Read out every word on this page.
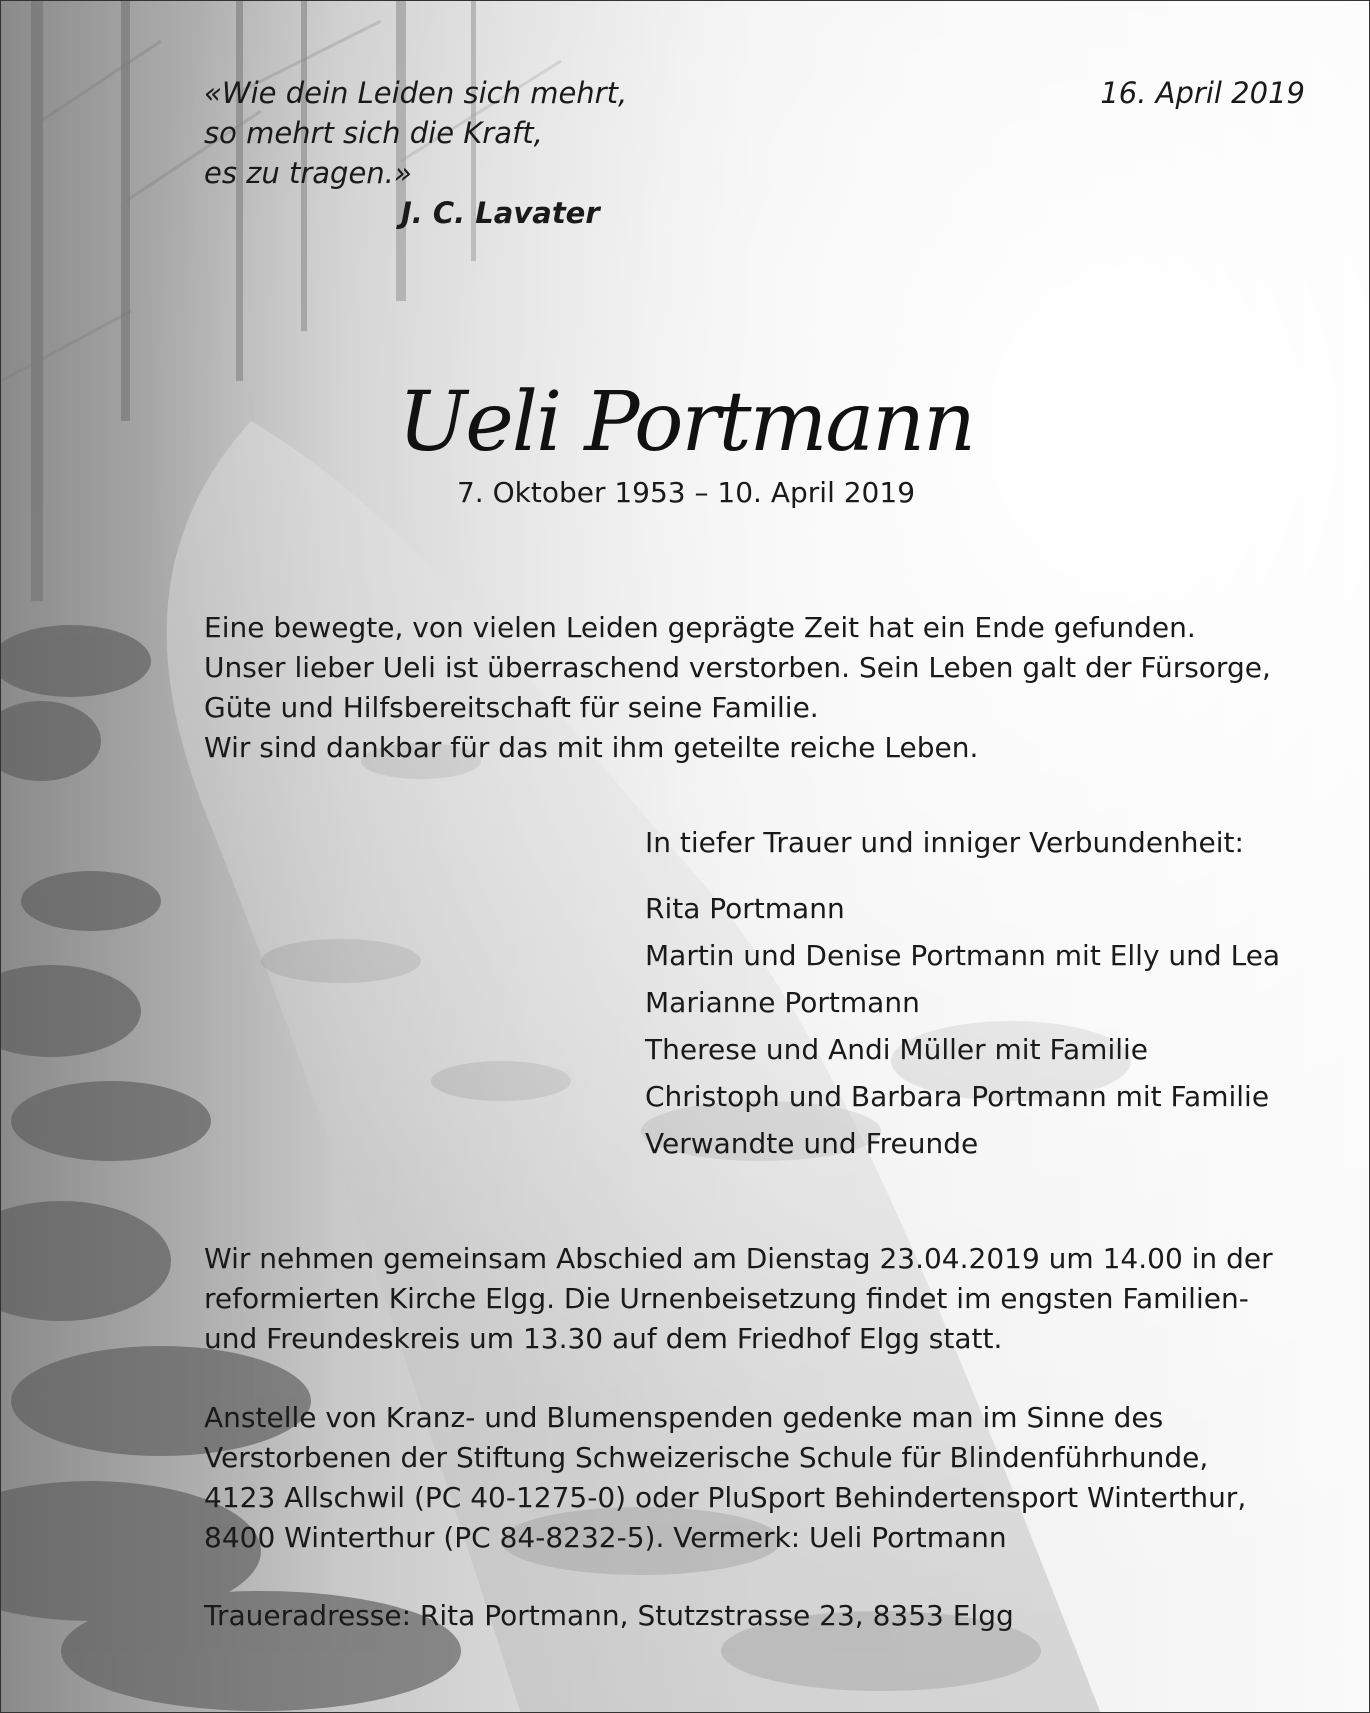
«Wie dein Leiden sich mehrt,
so mehrt sich die Kraft,
es zu tragen.»
J. C. Lavater
16. April 2019
Ueli Portmann
7. Oktober 1953 – 10. April 2019
Eine bewegte, von vielen Leiden geprägte Zeit hat ein Ende gefunden.
Unser lieber Ueli ist überraschend verstorben. Sein Leben galt der Fürsorge,
Güte und Hilfsbereitschaft für seine Familie.
Wir sind dankbar für das mit ihm geteilte reiche Leben.
In tiefer Trauer und inniger Verbundenheit:
Rita Portmann
Martin und Denise Portmann mit Elly und Lea
Marianne Portmann
Therese und Andi Müller mit Familie
Christoph und Barbara Portmann mit Familie
Verwandte und Freunde
Wir nehmen gemeinsam Abschied am Dienstag 23.04.2019 um 14.00 in der
reformierten Kirche Elgg. Die Urnenbeisetzung findet im engsten Familien-
und Freundeskreis um 13.30 auf dem Friedhof Elgg statt.
Anstelle von Kranz- und Blumenspenden gedenke man im Sinne des
Verstorbenen der Stiftung Schweizerische Schule für Blindenführhunde,
4123 Allschwil (PC 40-1275-0) oder PluSport Behindertensport Winterthur,
8400 Winterthur (PC 84-8232-5). Vermerk: Ueli Portmann
Traueradresse: Rita Portmann, Stutzstrasse 23, 8353 Elgg
